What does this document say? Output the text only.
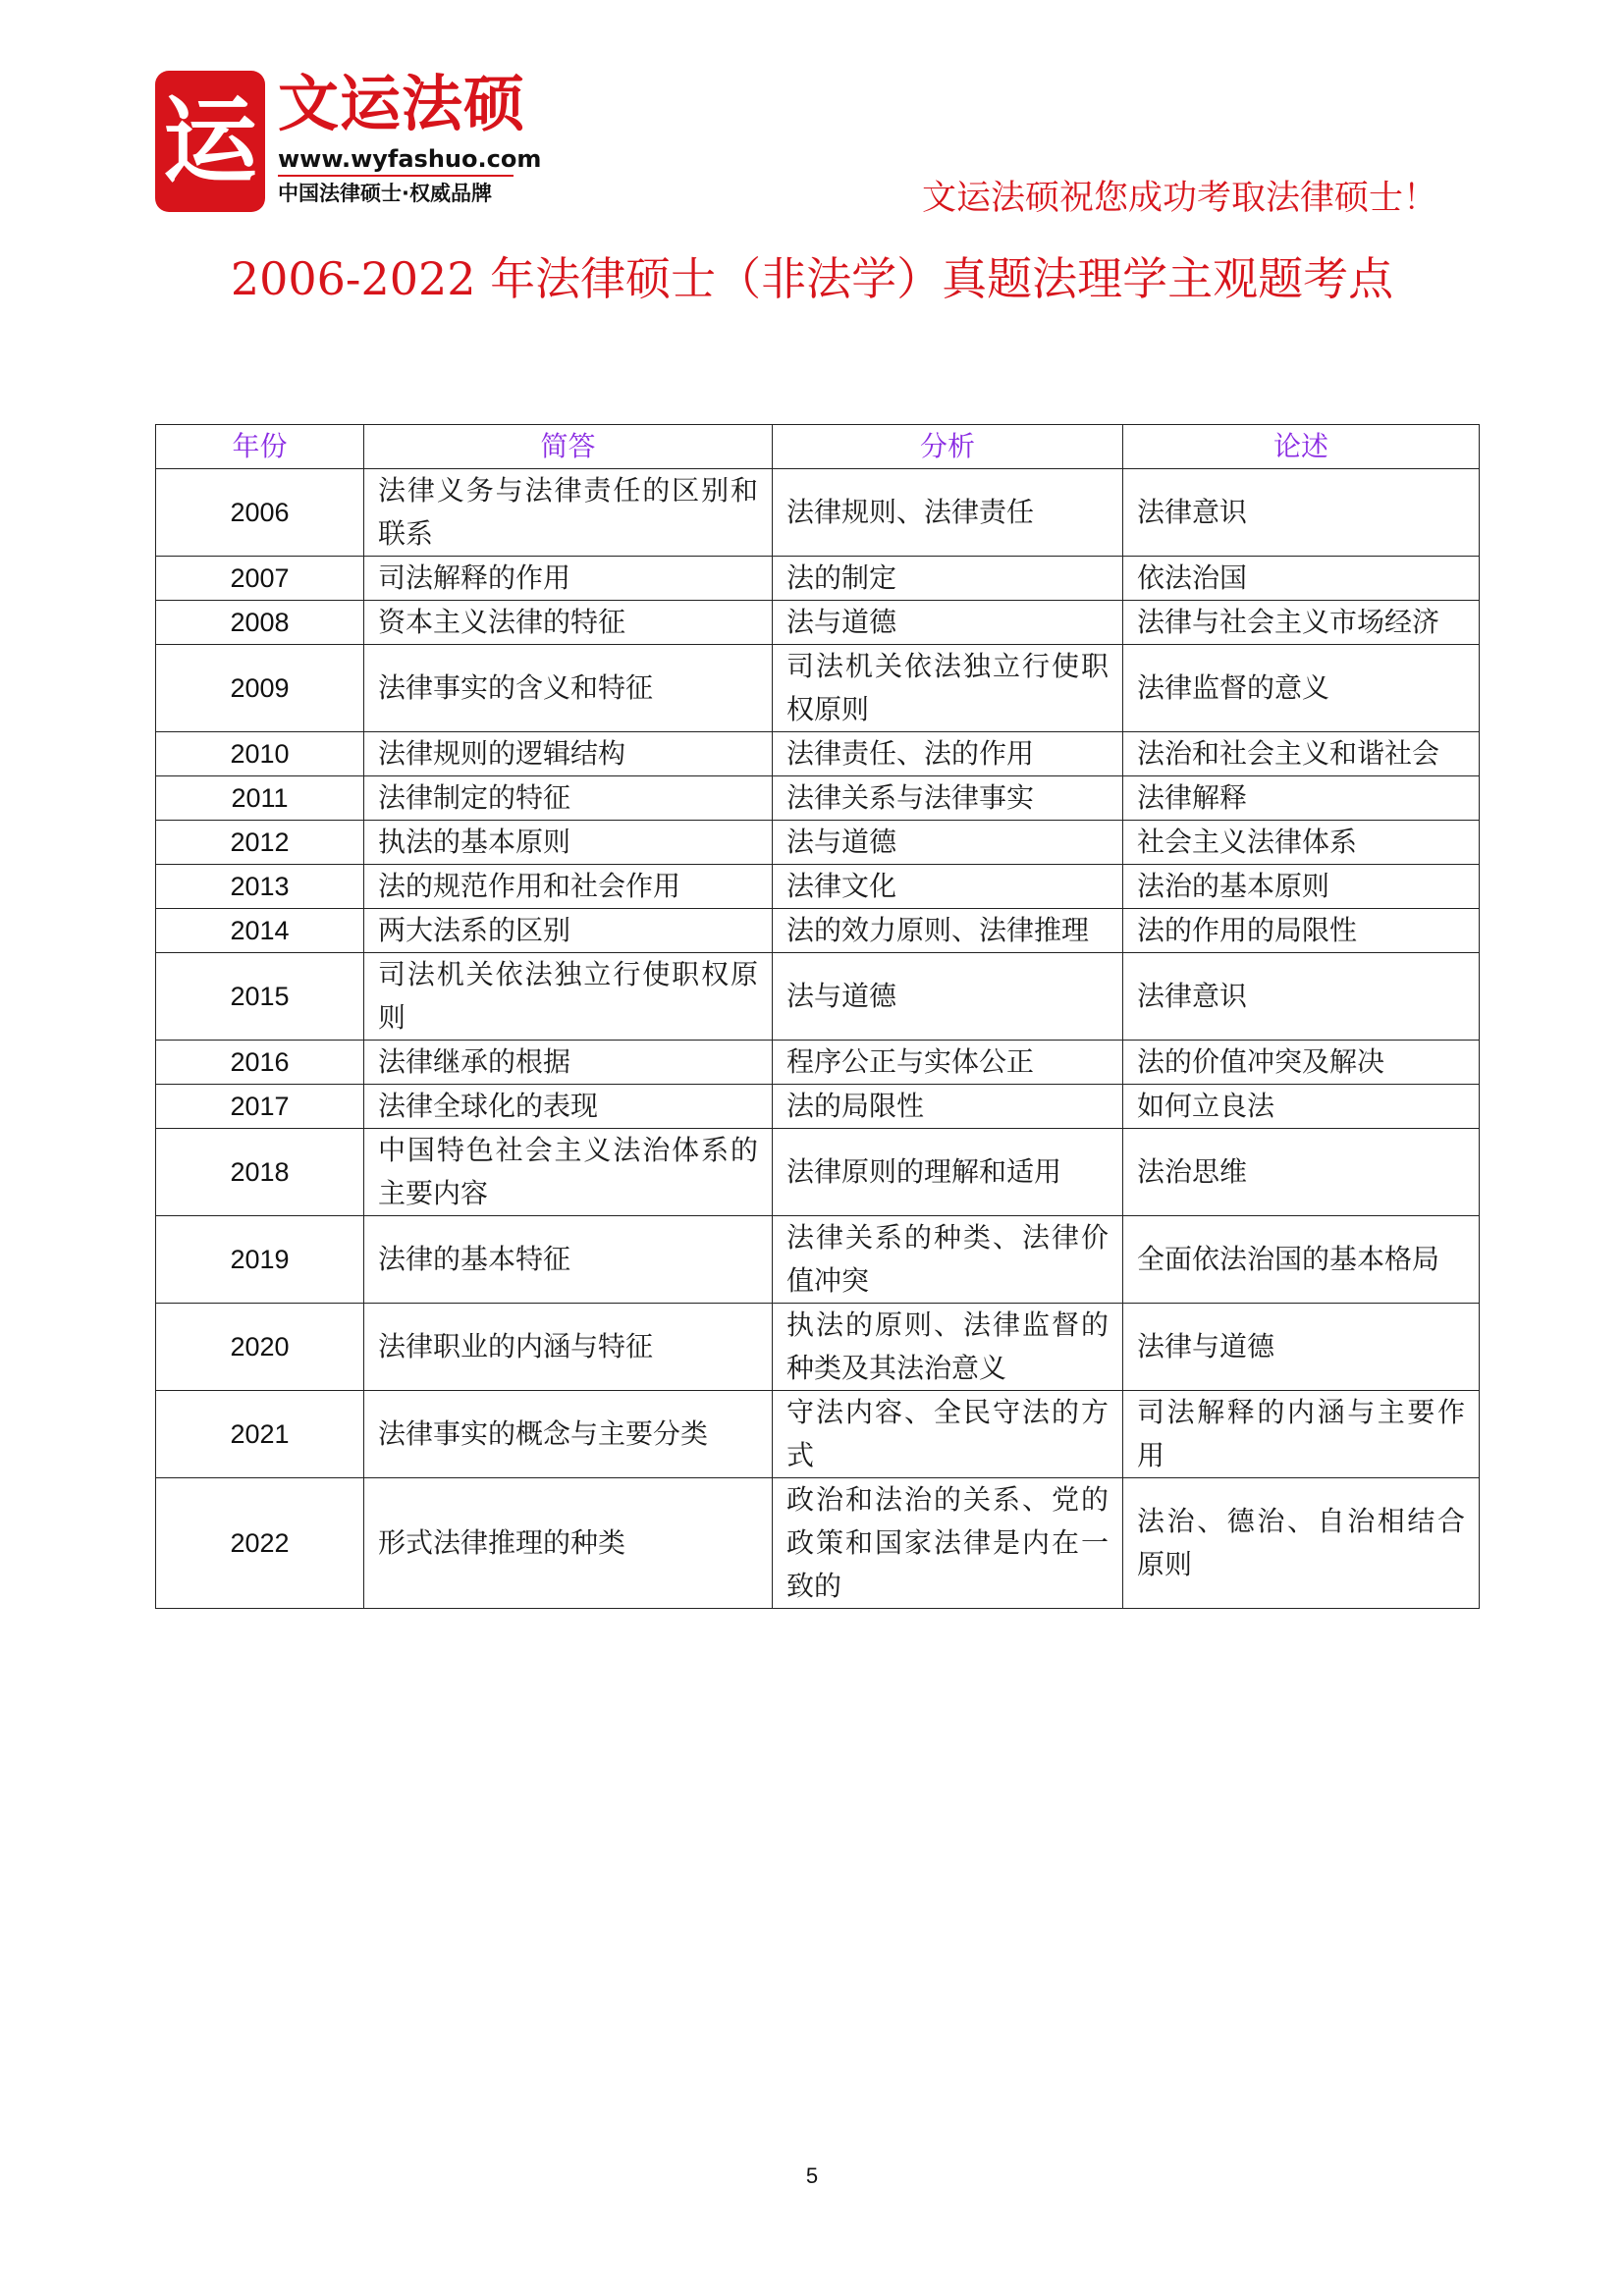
运 文运法硕
www.wyfashuo.com
中国法律硕士·权威品牌	文运法硕祝您成功考取法律硕士！
2006-2022 年法律硕士（非法学）真题法理学主观题考点
年份	简答	分析	论述
2006	法律义务与法律责任的区别和联系	法律规则、法律责任	法律意识
2007	司法解释的作用	法的制定	依法治国
2008	资本主义法律的特征	法与道德	法律与社会主义市场经济
2009	法律事实的含义和特征	司法机关依法独立行使职权原则	法律监督的意义
2010	法律规则的逻辑结构	法律责任、法的作用	法治和社会主义和谐社会
2011	法律制定的特征	法律关系与法律事实	法律解释
2012	执法的基本原则	法与道德	社会主义法律体系
2013	法的规范作用和社会作用	法律文化	法治的基本原则
2014	两大法系的区别	法的效力原则、法律推理	法的作用的局限性
2015	司法机关依法独立行使职权原则	法与道德	法律意识
2016	法律继承的根据	程序公正与实体公正	法的价值冲突及解决
2017	法律全球化的表现	法的局限性	如何立良法
2018	中国特色社会主义法治体系的主要内容	法律原则的理解和适用	法治思维
2019	法律的基本特征	法律关系的种类、法律价值冲突	全面依法治国的基本格局
2020	法律职业的内涵与特征	执法的原则、法律监督的种类及其法治意义	法律与道德
2021	法律事实的概念与主要分类	守法内容、全民守法的方式	司法解释的内涵与主要作用
2022	形式法律推理的种类	政治和法治的关系、党的政策和国家法律是内在一致的	法治、德治、自治相结合原则
5
